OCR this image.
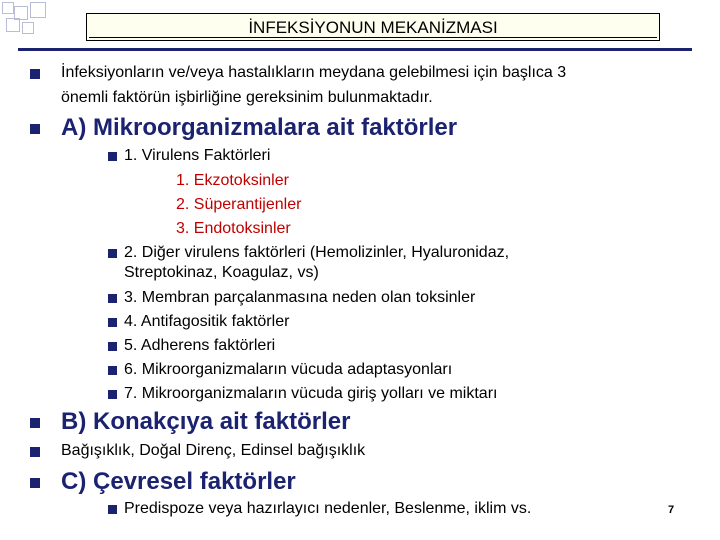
İNFEKSİYONUN MEKANİZMASI
İnfeksiyonların ve/veya hastalıkların meydana gelebilmesi için başlıca 3
önemli faktörün işbirliğine gereksinim bulunmaktadır.
A) Mikroorganizmalara ait faktörler
1. Virulens Faktörleri
1. Ekzotoksinler
2. Süperantijenler
3. Endotoksinler
2. Diğer virulens faktörleri (Hemolizinler, Hyaluronidaz,
Streptokinaz, Koagulaz, vs)
3. Membran parçalanmasına neden olan toksinler
4. Antifagositik faktörler
5. Adherens faktörleri
6. Mikroorganizmaların vücuda adaptasyonları
7. Mikroorganizmaların vücuda giriş yolları ve miktarı
B) Konakçıya ait faktörler
Bağışıklık, Doğal Direnç, Edinsel bağışıklık
C) Çevresel faktörler
Predispoze veya hazırlayıcı nedenler, Beslenme, iklim vs.	7
